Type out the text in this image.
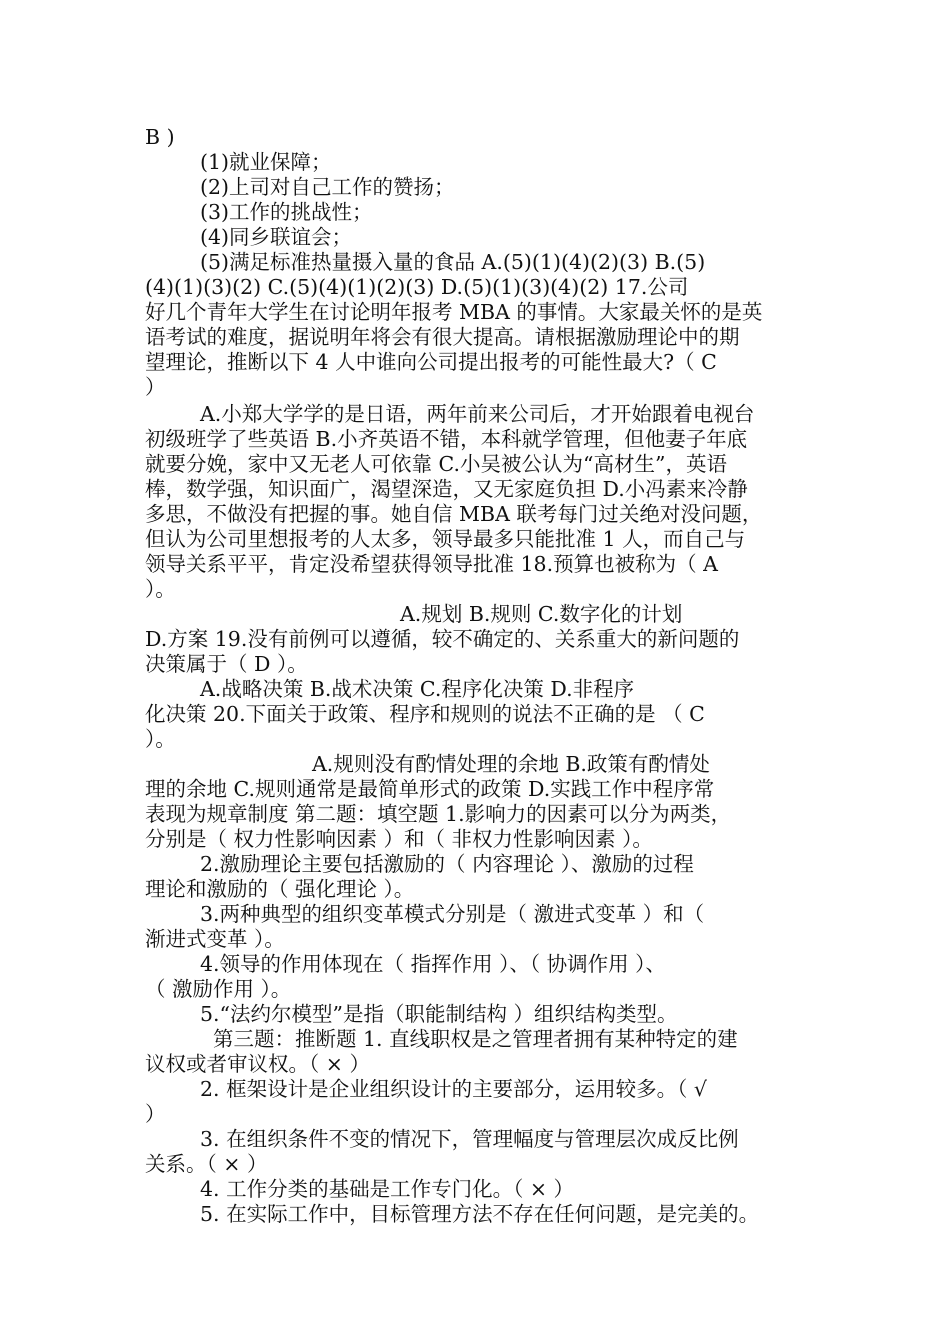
B )
(1)就业保障；
(2)上司对自己工作的赞扬；
(3)工作的挑战性；
(4)同乡联谊会；
(5)满足标准热量摄入量的食品 A.(5)(1)(4)(2)(3) B.(5)
(4)(1)(3)(2) C.(5)(4)(1)(2)(3) D.(5)(1)(3)(4)(2) 17.公司
好几个青年大学生在讨论明年报考 MBA 的事情。大家最关怀的是英
语考试的难度，据说明年将会有很大提高。请根据激励理论中的期
望理论，推断以下 4 人中谁向公司提出报考的可能性最大?（ C
）
A.小郑大学学的是日语，两年前来公司后，才开始跟着电视台
初级班学了些英语 B.小齐英语不错，本科就学管理，但他妻子年底
就要分娩，家中又无老人可依靠 C.小吴被公认为“高材生”，英语
棒，数学强，知识面广，渴望深造，又无家庭负担 D.小冯素来冷静
多思，不做没有把握的事。她自信 MBA 联考每门过关绝对没问题，
但认为公司里想报考的人太多，领导最多只能批准 1 人，而自己与
领导关系平平，肯定没希望获得领导批准 18.预算也被称为（ A
）。
A.规划 B.规则 C.数字化的计划
D.方案 19.没有前例可以遵循，较不确定的、关系重大的新问题的
决策属于（ D ）。
A.战略决策 B.战术决策 C.程序化决策 D.非程序
化决策 20.下面关于政策、程序和规则的说法不正确的是 （ C
）。
A.规则没有酌情处理的余地 B.政策有酌情处
理的余地 C.规则通常是最简单形式的政策 D.实践工作中程序常
表现为规章制度 第二题：填空题 1.影响力的因素可以分为两类，
分别是（ 权力性影响因素 ）和（ 非权力性影响因素 ）。
2.激励理论主要包括激励的（ 内容理论 ）、激励的过程
理论和激励的（ 强化理论 ）。
3.两种典型的组织变革模式分别是（ 激进式变革 ）和（
渐进式变革 ）。
4.领导的作用体现在（ 指挥作用 ）、（ 协调作用 ）、
（ 激励作用 ）。
5.“法约尔模型”是指（职能制结构 ）组织结构类型。
第三题：推断题 1. 直线职权是之管理者拥有某种特定的建
议权或者审议权。（ × ）
2. 框架设计是企业组织设计的主要部分，运用较多。（ √
）
3. 在组织条件不变的情况下，管理幅度与管理层次成反比例
关系。（ × ）
4. 工作分类的基础是工作专门化。（ × ）
5. 在实际工作中，目标管理方法不存在任何问题，是完美的。
